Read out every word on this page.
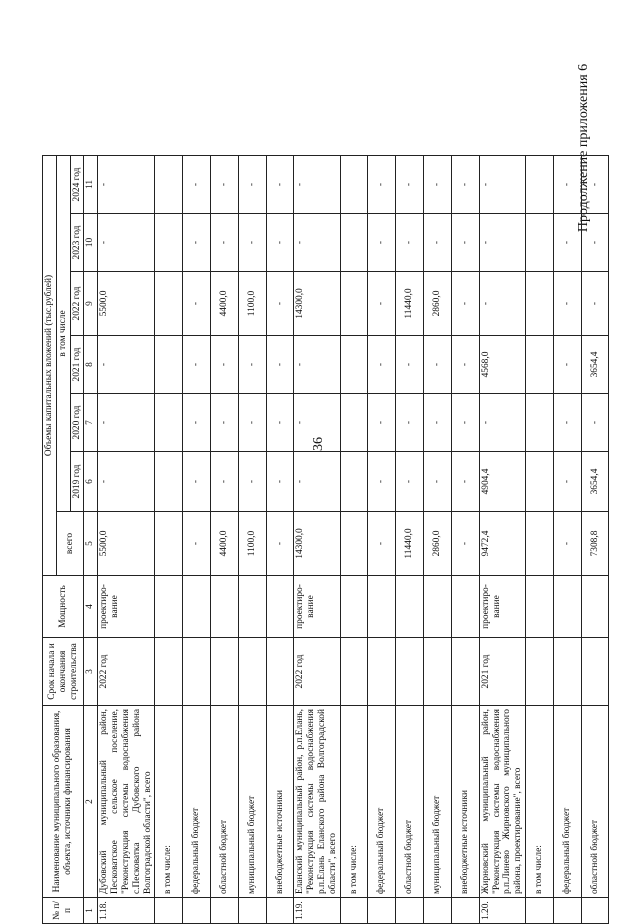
36
Продолжение приложения 6
№ п/п	Наименование муниципального образования, объекта, источники финансирования	Срок начала и окончания строительства	Мощность	Объемы капитальных вложений (тыс.рублей)						
				всего	в том числе					
					2019 год	2020 год	2021 год	2022 год	2023 год	2024 год
1	2	3	4	5	6	7	8	9	10	11
1.18.	Дубовский муниципальный район, Песковатское сельское поселение, "Реконструкция системы водоснабжения с.Песковатка Дубовского района Волгоградской области", всего	2022 год	проектиро-вание	5500,0	-	-	-	5500,0	-	-
	в том числе:									
	федеральный бюджет			-	-	-	-	-	-	-
	областной бюджет			4400,0	-	-	-	4400,0	-	-
	муниципальный бюджет			1100,0	-	-	-	1100,0	-	-
	внебюджетные источники			-	-	-	-	-	-	-
1.19.	Еланский муниципальный район, р.п.Елань, "Реконструкция системы водоснабжения р.п.Елань Еланского района Волгоградской области", всего	2022 год	проектиро-вание	14300,0	-	-	-	14300,0	-	-
	в том числе:									
	федеральный бюджет			-	-	-	-	-	-	-
	областной бюджет			11440,0	-	-	-	11440,0	-	-
	муниципальный бюджет			2860,0	-	-	-	2860,0	-	-
	внебюджетные источники			-	-	-	-	-	-	-
1.20.	Жирновский муниципальный район, "Реконструкция системы водоснабжения р.п.Линево Жирновского муниципального района, проектирование", всего	2021 год	проектиро-вание	9472,4	4904,4	-	4568,0	-	-	-
	в том числе:									
	федеральный бюджет			-	-	-	-	-	-	-
	областной бюджет			7308,8	3654,4	-	3654,4	-	-	-
